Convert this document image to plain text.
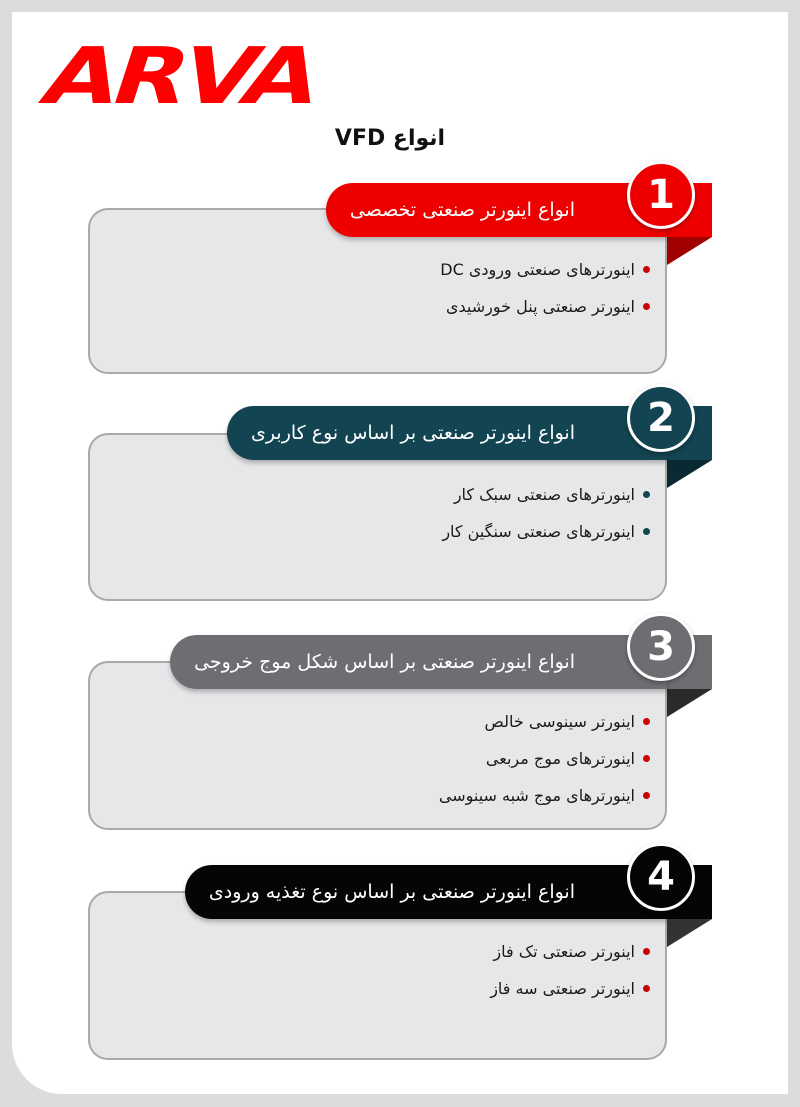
ARVA
انواع VFD
انواع اینورتر صنعتی تخصصی	1
اینورترهای صنعتی ورودی DC
اینورتر صنعتی پنل خورشیدی
انواع اینورتر صنعتی بر اساس نوع کاربری	2
اینورترهای صنعتی سبک کار
اینورترهای صنعتی سنگین کار
انواع اینورتر صنعتی بر اساس شکل موج خروجی	3
اینورتر سینوسی خالص
اینورترهای موج مربعی
اینورترهای موج شبه سینوسی
انواع اینورتر صنعتی بر اساس نوع تغذیه ورودی	4
اینورتر صنعتی تک فاز
اینورتر صنعتی سه فاز
